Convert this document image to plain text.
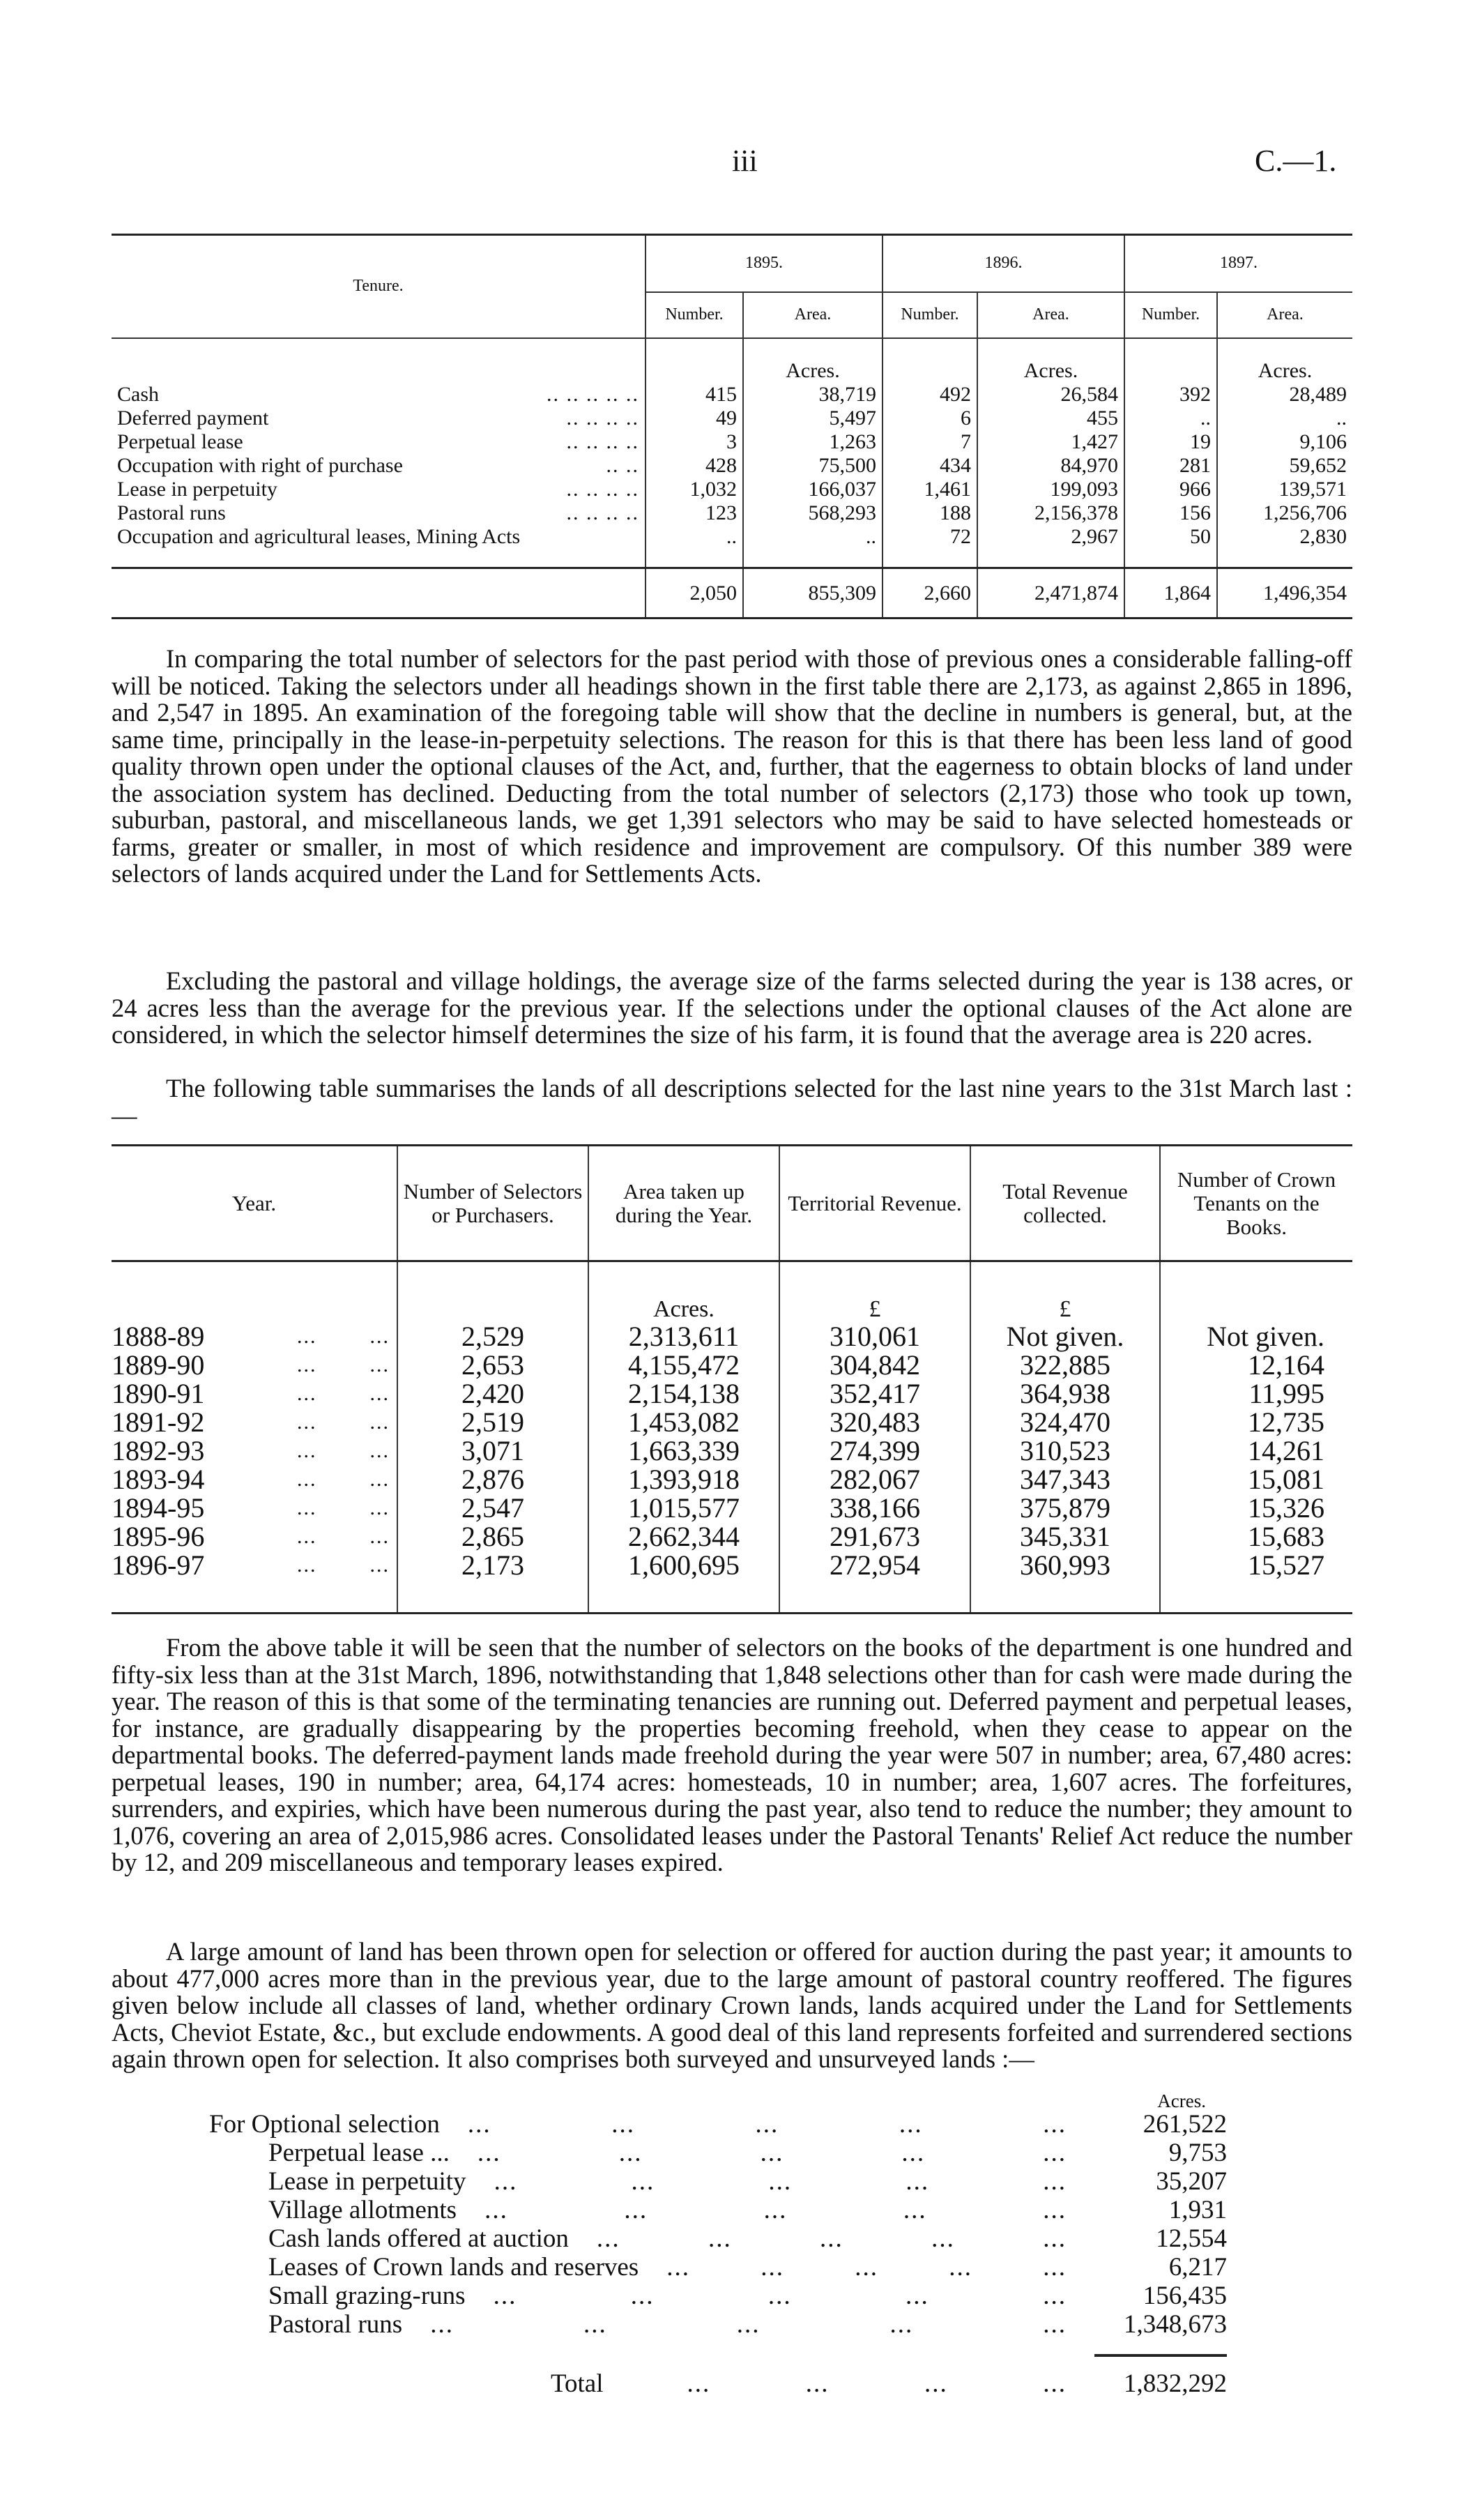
iii	C.—1.
Tenure.	1895.		1896.		1897.	
	Number.	Area.	Number.	Area.	Number.	Area.
		Acres.		Acres.		Acres.
Cash .. .. .. .. ..	415	38,719	492	26,584	392	28,489
Deferred payment .. .. .. ..	49	5,497	6	455	..	..
Perpetual lease .. .. .. ..	3	1,263	7	1,427	19	9,106
Occupation with right of purchase .. ..	428	75,500	434	84,970	281	59,652
Lease in perpetuity .. .. .. ..	1,032	166,037	1,461	199,093	966	139,571
Pastoral runs .. .. .. ..	123	568,293	188	2,156,378	156	1,256,706
Occupation and agricultural leases, Mining Acts	..	..	72	2,967	50	2,830

	2,050	855,309	2,660	2,471,874	1,864	1,496,354

In comparing the total number of selectors for the past period with those of previous ones a considerable falling-off will be noticed. Taking the selectors under all headings shown in the first table there are 2,173, as against 2,865 in 1896, and 2,547 in 1895. An examination of the foregoing table will show that the decline in numbers is general, but, at the same time, principally in the lease-in-perpetuity selections. The reason for this is that there has been less land of good quality thrown open under the optional clauses of the Act, and, further, that the eagerness to obtain blocks of land under the association system has declined. Deducting from the total number of selectors (2,173) those who took up town, suburban, pastoral, and miscellaneous lands, we get 1,391 selectors who may be said to have selected homesteads or farms, greater or smaller, in most of which residence and improvement are compulsory. Of this number 389 were selectors of lands acquired under the Land for Settlements Acts.

Excluding the pastoral and village holdings, the average size of the farms selected during the year is 138 acres, or 24 acres less than the average for the previous year. If the selections under the optional clauses of the Act alone are considered, in which the selector himself determines the size of his farm, it is found that the average area is 220 acres.

The following table summarises the lands of all descriptions selected for the last nine years to the 31st March last :—

Year.	Number of Selectors or Purchasers.	Area taken up during the Year.	Territorial Revenue.	Total Revenue collected.	Number of Crown Tenants on the Books.
		Acres.	£	£	
1888-89 ...        ...	2,529	2,313,611	310,061	Not given.	Not given.
1889-90 ...        ...	2,653	4,155,472	304,842	322,885	12,164
1890-91 ...        ...	2,420	2,154,138	352,417	364,938	11,995
1891-92 ...        ...	2,519	1,453,082	320,483	324,470	12,735
1892-93 ...        ...	3,071	1,663,339	274,399	310,523	14,261
1893-94 ...        ...	2,876	1,393,918	282,067	347,343	15,081
1894-95 ...        ...	2,547	1,015,577	338,166	375,879	15,326
1895-96 ...        ...	2,865	2,662,344	291,673	345,331	15,683
1896-97 ...        ...	2,173	1,600,695	272,954	360,993	15,527

From the above table it will be seen that the number of selectors on the books of the department is one hundred and fifty-six less than at the 31st March, 1896, notwithstanding that 1,848 selections other than for cash were made during the year. The reason of this is that some of the terminating tenancies are running out. Deferred payment and perpetual leases, for instance, are gradually disappearing by the properties becoming freehold, when they cease to appear on the departmental books. The deferred-payment lands made freehold during the year were 507 in number; area, 67,480 acres: perpetual leases, 190 in number; area, 64,174 acres: homesteads, 10 in number; area, 1,607 acres. The forfeitures, surrenders, and expiries, which have been numerous during the past year, also tend to reduce the number; they amount to 1,076, covering an area of 2,015,986 acres. Consolidated leases under the Pastoral Tenants' Relief Act reduce the number by 12, and 209 miscellaneous and temporary leases expired.

A large amount of land has been thrown open for selection or offered for auction during the past year; it amounts to about 477,000 acres more than in the previous year, due to the large amount of pastoral country reoffered. The figures given below include all classes of land, whether ordinary Crown lands, lands acquired under the Land for Settlements Acts, Cheviot Estate, &c., but exclude endowments. A good deal of this land represents forfeited and surrendered sections again thrown open for selection. It also comprises both surveyed and unsurveyed lands :—

Acres.
For Optional selection ...	...	...	...	...	261,522
Perpetual lease ... ...	...	...	...	...	9,753
Lease in perpetuity ...	...	...	...	...	35,207
Village allotments ...	...	...	...	...	1,931
Cash lands offered at auction ...	...	...	...	...	12,554
Leases of Crown lands and reserves ...	...	...	...	...	6,217
Small grazing-runs ...	...	...	...	...	156,435
Pastoral runs ...	...	...	...	...	1,348,673
Total	...	...	...	...	1,832,292
